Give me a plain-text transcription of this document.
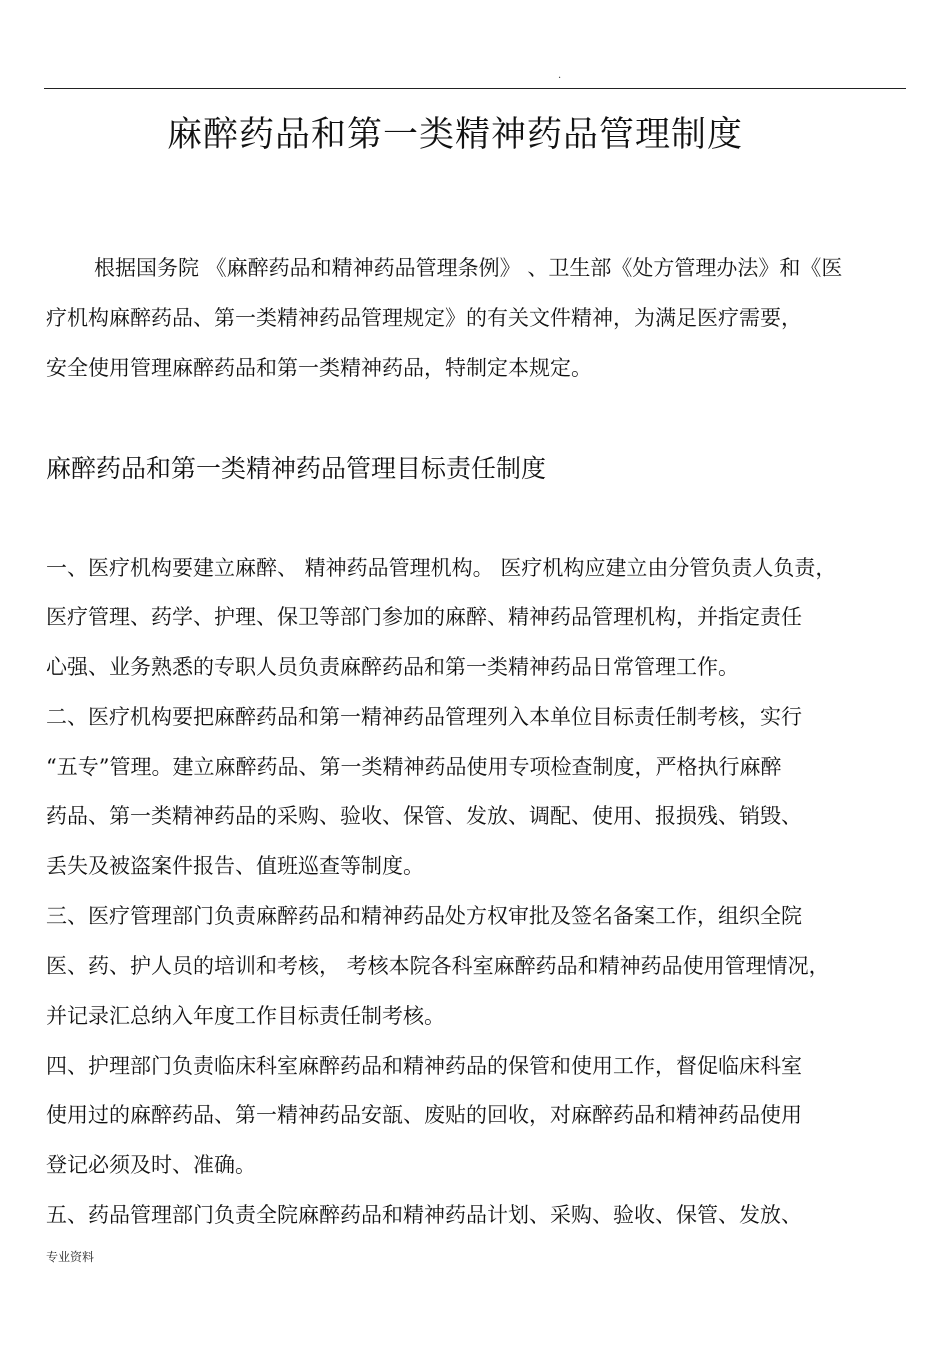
.
麻醉药品和第一类精神药品管理制度
根据国务院 《麻醉药品和精神药品管理条例》 、卫生部《处方管理办法》和《医
疗机构麻醉药品、第一类精神药品管理规定》的有关文件精神，为满足医疗需要，
安全使用管理麻醉药品和第一类精神药品，特制定本规定。
麻醉药品和第一类精神药品管理目标责任制度
一、医疗机构要建立麻醉、 精神药品管理机构。 医疗机构应建立由分管负责人负责，
医疗管理、药学、护理、保卫等部门参加的麻醉、精神药品管理机构，并指定责任
心强、业务熟悉的专职人员负责麻醉药品和第一类精神药品日常管理工作。
二、医疗机构要把麻醉药品和第一精神药品管理列入本单位目标责任制考核，实行
“五专”管理。建立麻醉药品、第一类精神药品使用专项检查制度，严格执行麻醉
药品、第一类精神药品的采购、验收、保管、发放、调配、使用、报损残、销毁、
丢失及被盗案件报告、值班巡查等制度。
三、医疗管理部门负责麻醉药品和精神药品处方权审批及签名备案工作，组织全院
医、药、护人员的培训和考核， 考核本院各科室麻醉药品和精神药品使用管理情况，
并记录汇总纳入年度工作目标责任制考核。
四、护理部门负责临床科室麻醉药品和精神药品的保管和使用工作，督促临床科室
使用过的麻醉药品、第一精神药品安瓿、废贴的回收，对麻醉药品和精神药品使用
登记必须及时、准确。
五、药品管理部门负责全院麻醉药品和精神药品计划、采购、验收、保管、发放、
专业资料
